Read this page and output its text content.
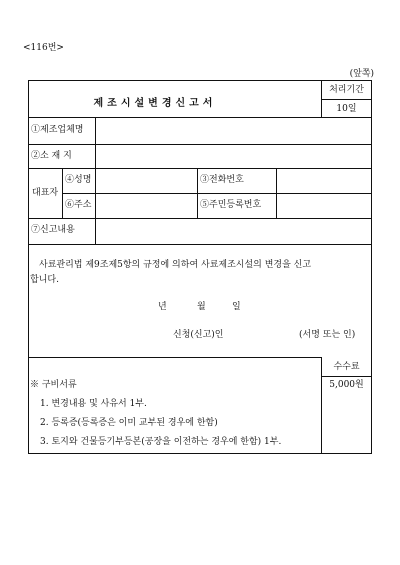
<116번>
(앞쪽)
제조시설변경신고서
처리기간
10일
①제조업체명
②소 재 지
대표자
④성명	③전화번호
⑥주소	⑤주민등록번호
⑦신고내용
사료관리법 제9조제5항의 규정에 의하여 사료제조시설의 변경을 신고
합니다.
년	월	일
신청(신고)인	(서명 또는 인)
수수료
5,000원
※ 구비서류
1. 변경내용 및 사유서 1부.
2. 등록증(등록증은 이미 교부된 경우에 한함)
3. 토지와 건물등기부등본(공장을 이전하는 경우에 한함) 1부.
